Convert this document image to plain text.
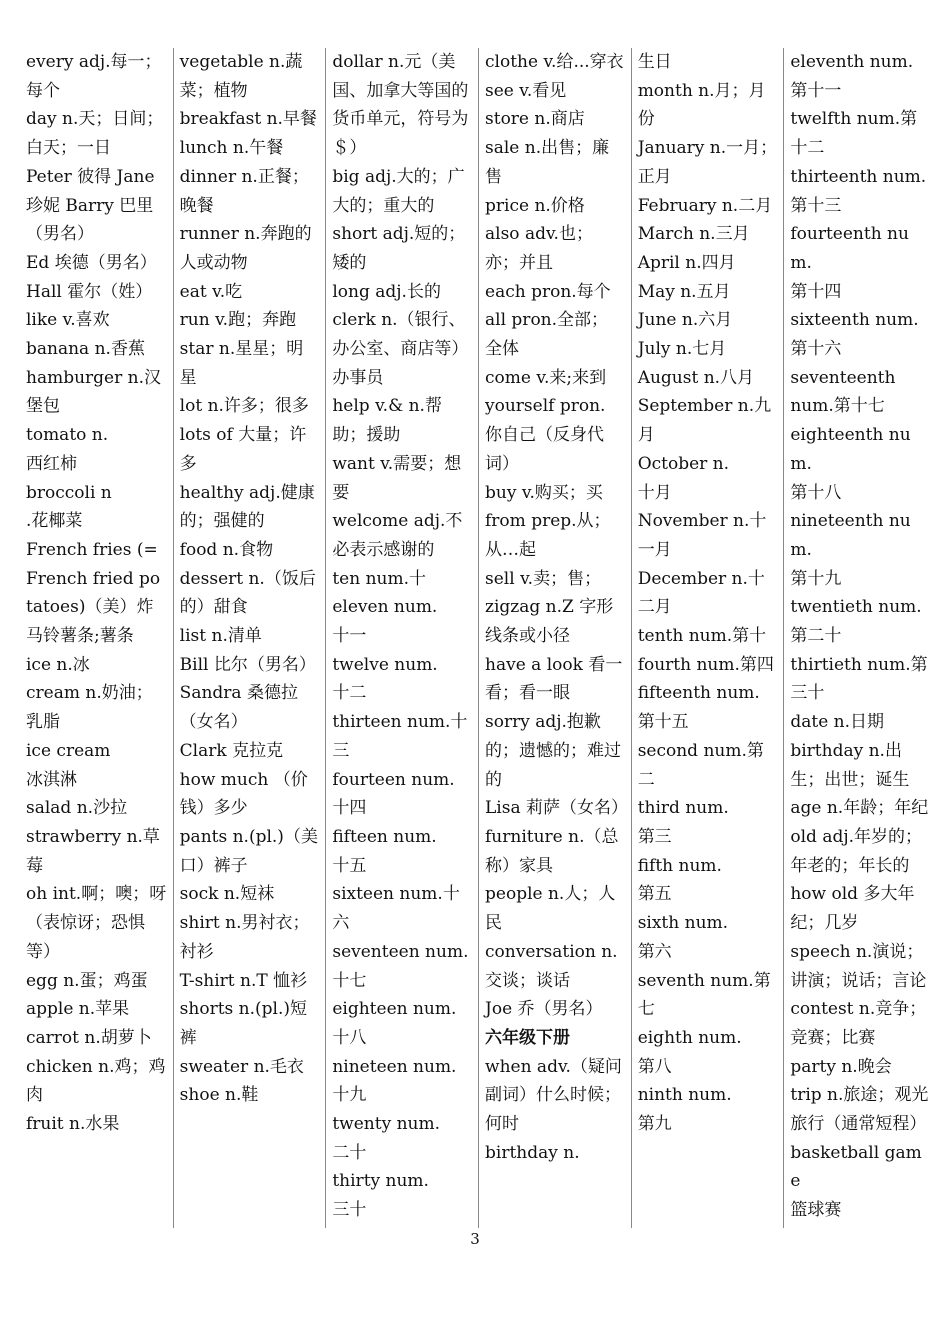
every adj.每一；每个
day n.天；日间；白天；一日
Peter 彼得 Jane 珍妮 Barry 巴里（男名）
Ed 埃德（男名）
Hall 霍尔（姓）
like v.喜欢
banana n.香蕉
hamburger n.汉堡包
tomato n.
西红柿
broccoli n
.花椰菜
French fries (=French fried potatoes)（美）炸马铃薯条;薯条
ice n.冰
cream n.奶油；乳脂
ice cream
冰淇淋
salad n.沙拉
strawberry n.草莓
oh int.啊；噢；呀（表惊讶；恐惧等）
egg n.蛋；鸡蛋
apple n.苹果
carrot n.胡萝卜
chicken n.鸡；鸡肉
fruit n.水果
vegetable n.蔬菜；植物
breakfast n.早餐
lunch n.午餐
dinner n.正餐；晚餐
runner n.奔跑的人或动物
eat v.吃
run v.跑；奔跑
star n.星星；明星
lot n.许多；很多
lots of 大量；许多
healthy adj.健康的；强健的
food n.食物
dessert n.（饭后的）甜食
list n.清单
Bill 比尔（男名）
Sandra 桑德拉（女名）
Clark 克拉克
how much （价钱）多少
pants n.(pl.)（美口）裤子
sock n.短袜
shirt n.男衬衣；衬衫
T-shirt n.T 恤衫
shorts n.(pl.)短裤
sweater n.毛衣
shoe n.鞋
dollar n.元（美国、加拿大等国的货币单元，符号为＄）
big adj.大的；广大的；重大的
short adj.短的；矮的
long adj.长的
clerk n.（银行、办公室、商店等）办事员
help v.& n.帮助；援助
want v.需要；想要
welcome adj.不必表示感谢的
ten num.十
eleven num.
十一
twelve num.
十二
thirteen num.十三
fourteen num.
十四
fifteen num.
十五
sixteen num.十六
seventeen num.
十七
eighteen num.
十八
nineteen num.
十九
twenty num.
二十
thirty num.
三十
clothe v.给...穿衣
see v.看见
store n.商店
sale n.出售；廉售
price n.价格
also adv.也；亦；并且
each pron.每个
all pron.全部；全体
come v.来;来到
yourself pron.
你自己（反身代词）
buy v.购买；买
from prep.从；从…起
sell v.卖；售；
zigzag n.Z 字形线条或小径
have a look 看一看；看一眼
sorry adj.抱歉的；遗憾的；难过的
Lisa 莉萨（女名）
furniture n.（总称）家具
people n.人；人民
conversation n.
交谈；谈话
Joe 乔（男名）
六年级下册
when adv.（疑问副词）什么时候；何时
birthday n.
生日
month n.月；月份
January n.一月；正月
February n.二月
March n.三月
April n.四月
May n.五月
June n.六月
July n.七月
August n.八月
September n.九月
October n.
十月
November n.十一月
December n.十二月
tenth num.第十
fourth num.第四
fifteenth num.
第十五
second num.第二
third num.
第三
fifth num.
第五
sixth num.
第六
seventh num.第七
eighth num.
第八
ninth num.
第九
eleventh num.
第十一
twelfth num.第十二
thirteenth num.
第十三
fourteenth num.
第十四
sixteenth num.
第十六
seventeenth
num.第十七
eighteenth num.
第十八
nineteenth num.
第十九
twentieth num.
第二十
thirtieth num.第三十
date n.日期
birthday n.出生；出世；诞生
age n.年龄；年纪
old adj.年岁的；年老的；年长的
how old 多大年纪；几岁
speech n.演说；讲演；说话；言论
contest n.竞争；竞赛；比赛
party n.晚会
trip n.旅途；观光旅行（通常短程）
basketball game
篮球赛
3
